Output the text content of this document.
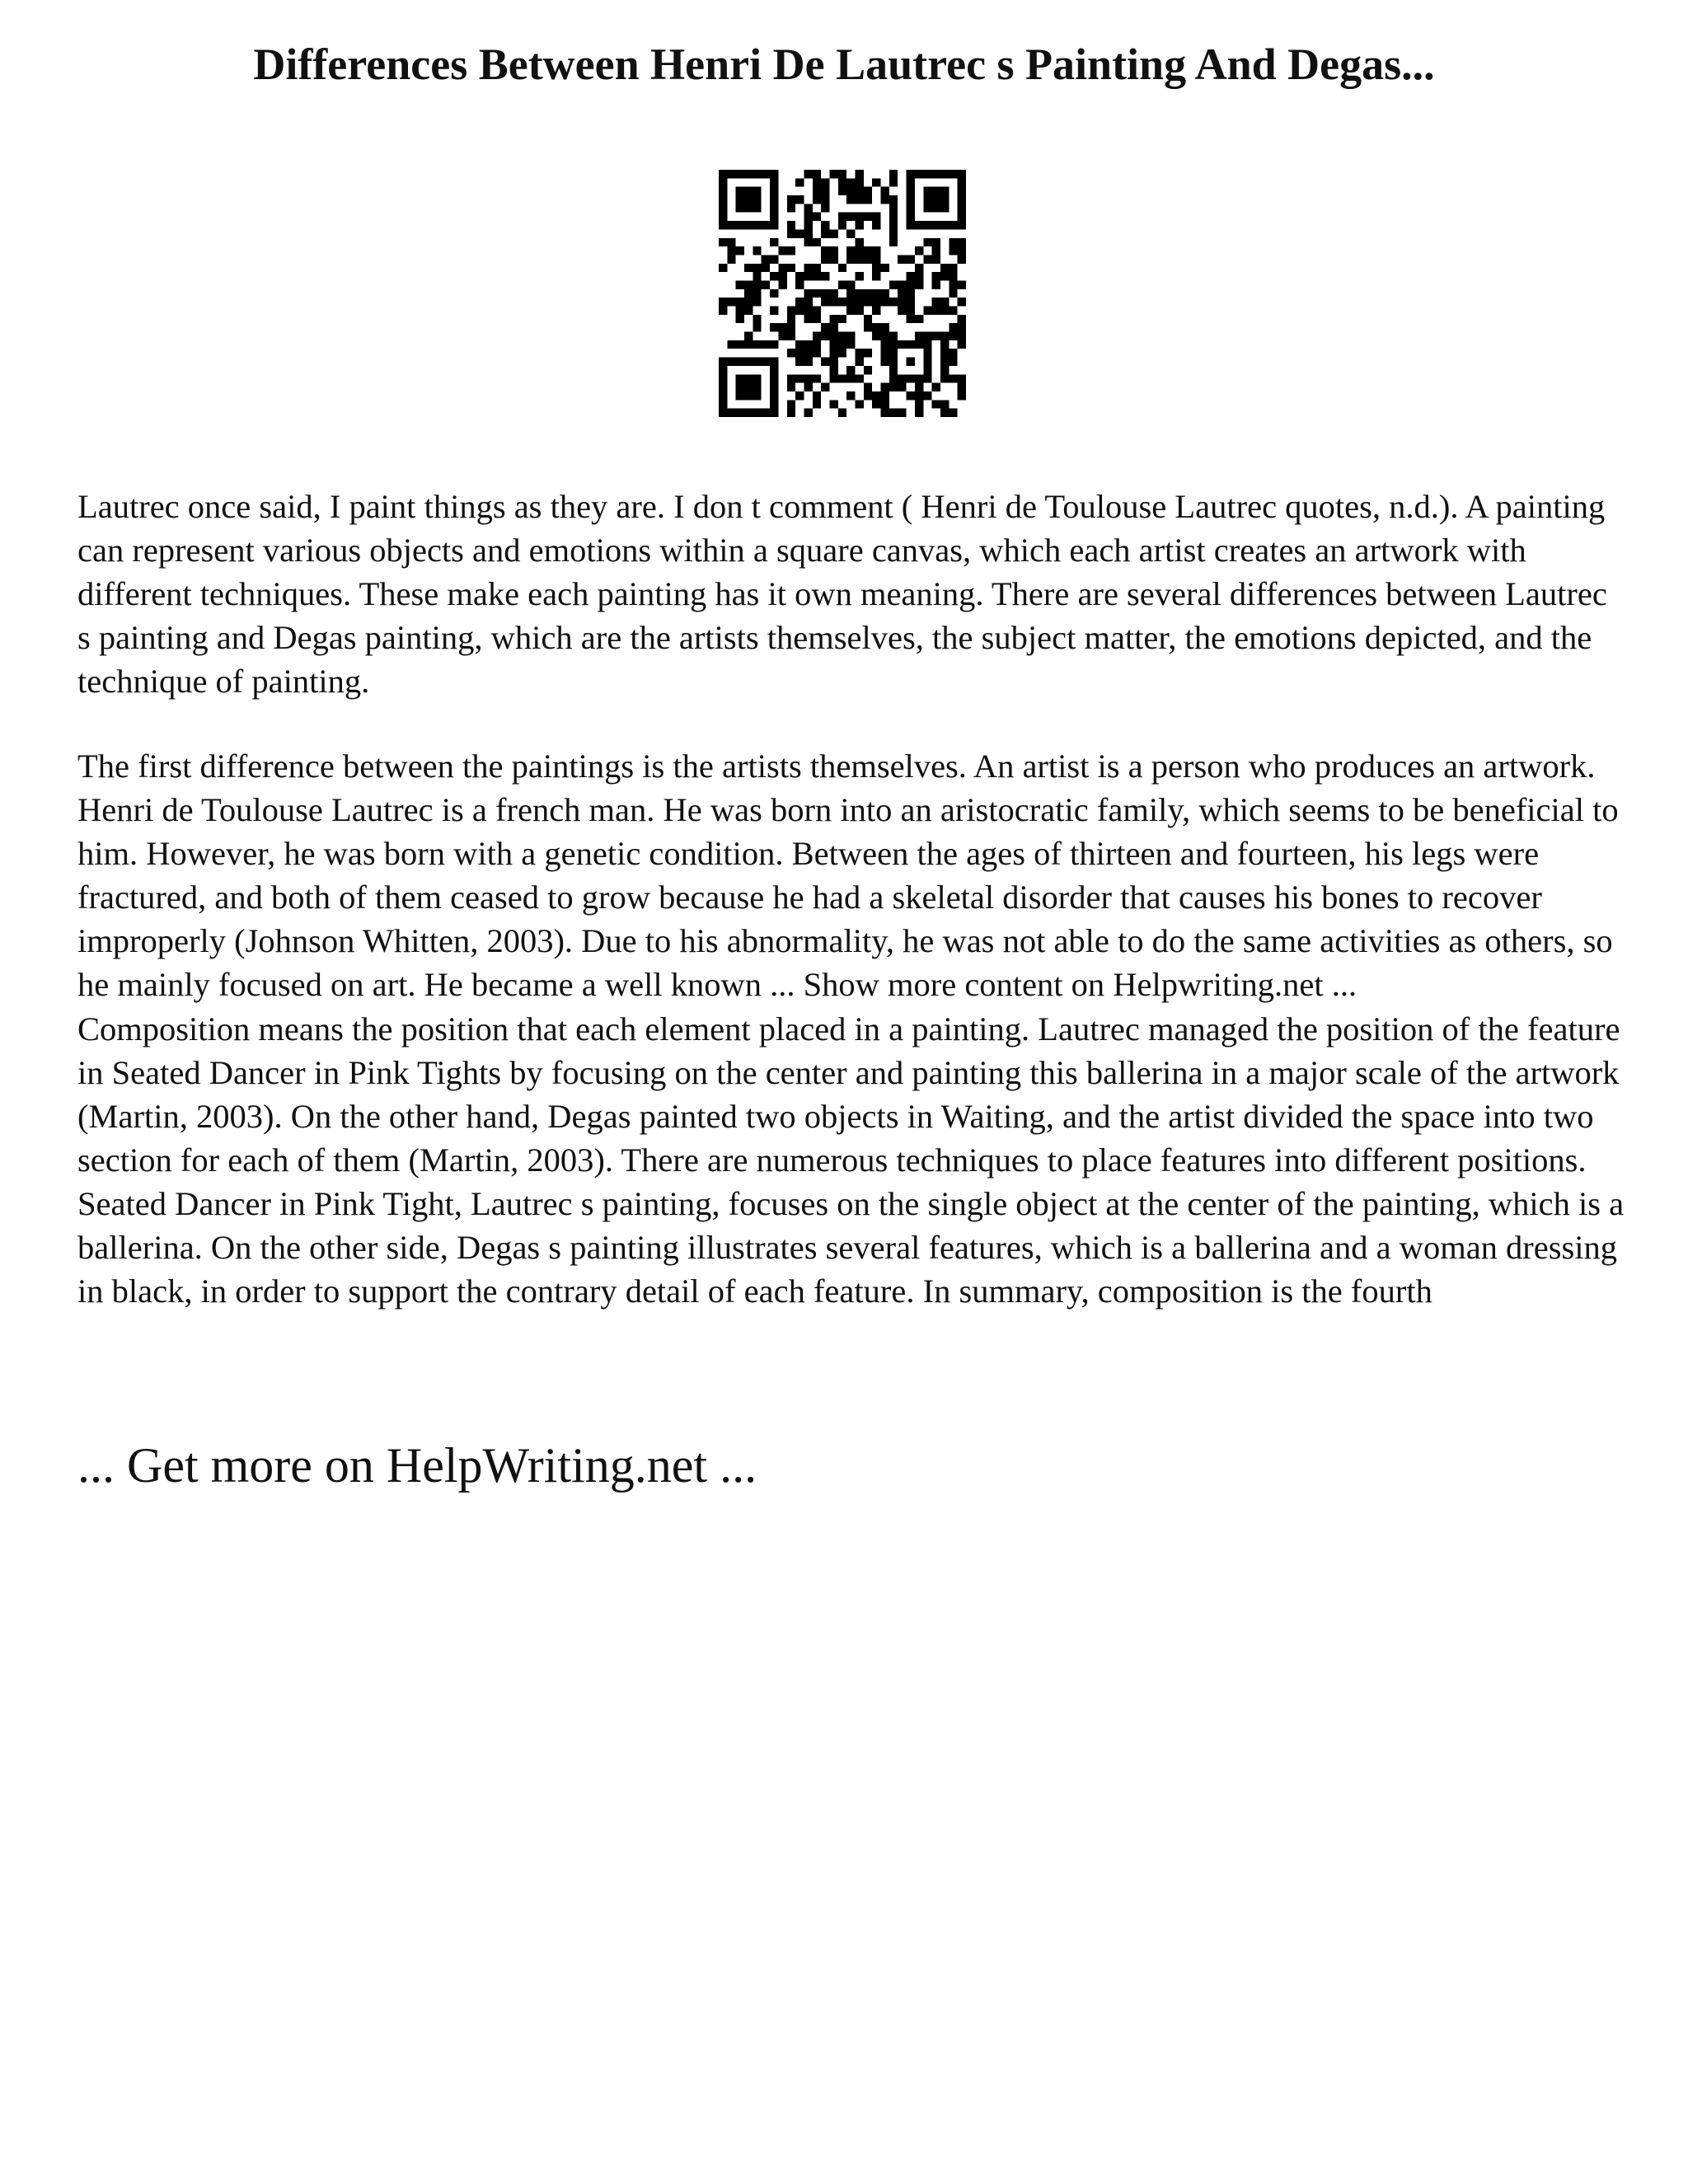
Differences Between Henri De Lautrec s Painting And Degas...

Lautrec once said, I paint things as they are. I don t comment ( Henri de Toulouse Lautrec quotes, n.d.). A painting can represent various objects and emotions within a square canvas, which each artist creates an artwork with different techniques. These make each painting has it own meaning. There are several differences between Lautrec s painting and Degas painting, which are the artists themselves, the subject matter, the emotions depicted, and the technique of painting.

The first difference between the paintings is the artists themselves. An artist is a person who produces an artwork. Henri de Toulouse Lautrec is a french man. He was born into an aristocratic family, which seems to be beneficial to him. However, he was born with a genetic condition. Between the ages of thirteen and fourteen, his legs were fractured, and both of them ceased to grow because he had a skeletal disorder that causes his bones to recover improperly (Johnson Whitten, 2003). Due to his abnormality, he was not able to do the same activities as others, so he mainly focused on art. He became a well known ... Show more content on Helpwriting.net ...

Composition means the position that each element placed in a painting. Lautrec managed the position of the feature in Seated Dancer in Pink Tights by focusing on the center and painting this ballerina in a major scale of the artwork (Martin, 2003). On the other hand, Degas painted two objects in Waiting, and the artist divided the space into two section for each of them (Martin, 2003). There are numerous techniques to place features into different positions. Seated Dancer in Pink Tight, Lautrec s painting, focuses on the single object at the center of the painting, which is a ballerina. On the other side, Degas s painting illustrates several features, which is a ballerina and a woman dressing in black, in order to support the contrary detail of each feature. In summary, composition is the fourth

... Get more on HelpWriting.net ...
